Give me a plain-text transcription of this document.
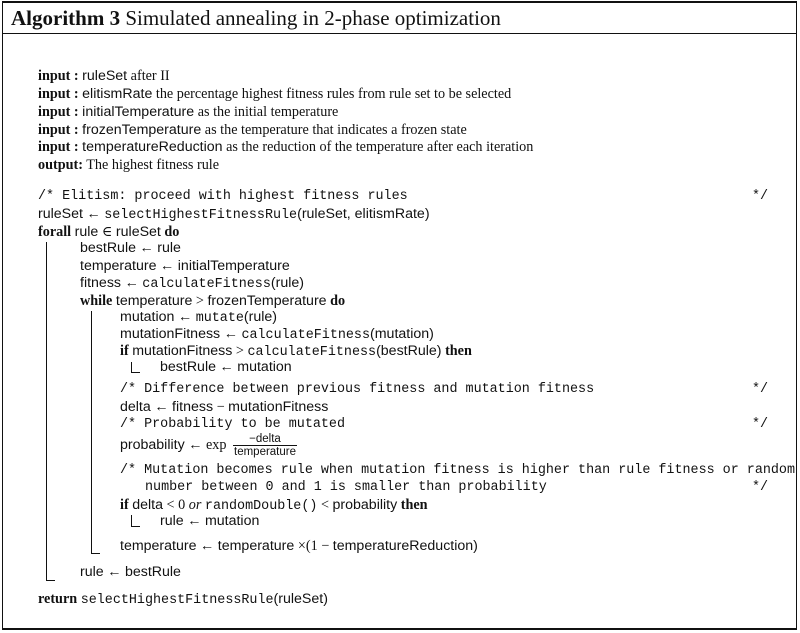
Algorithm 3 Simulated annealing in 2-phase optimization
input : ruleSet after II
input : elitismRate the percentage highest fitness rules from rule set to be selected
input : initialTemperature as the initial temperature
input : frozenTemperature as the temperature that indicates a frozen state
input : temperatureReduction as the reduction of the temperature after each iteration
output: The highest fitness rule
/* Elitism: proceed with highest fitness rules	*/
ruleSet ← selectHighestFitnessRule(ruleSet, elitismRate)
forall rule ∈ ruleSet do
bestRule ← rule
temperature ← initialTemperature
fitness ← calculateFitness(rule)
while temperature > frozenTemperature do
mutation ← mutate(rule)
mutationFitness ← calculateFitness(mutation)
if mutationFitness > calculateFitness(bestRule) then
bestRule ← mutation
/* Difference between previous fitness and mutation fitness	*/
delta ← fitness − mutationFitness
/* Probability to be mutated	*/
probability ← $\exp \frac{\text{−delta}}{\text{temperature}}$
/* Mutation becomes rule when mutation fitness is higher than rule fitness or random
number between 0 and 1 is smaller than probability	*/
if delta < 0 or randomDouble() < probability then
rule ← mutation
temperature ← temperature ×(1 − temperatureReduction)
rule ← bestRule
return selectHighestFitnessRule(ruleSet)
